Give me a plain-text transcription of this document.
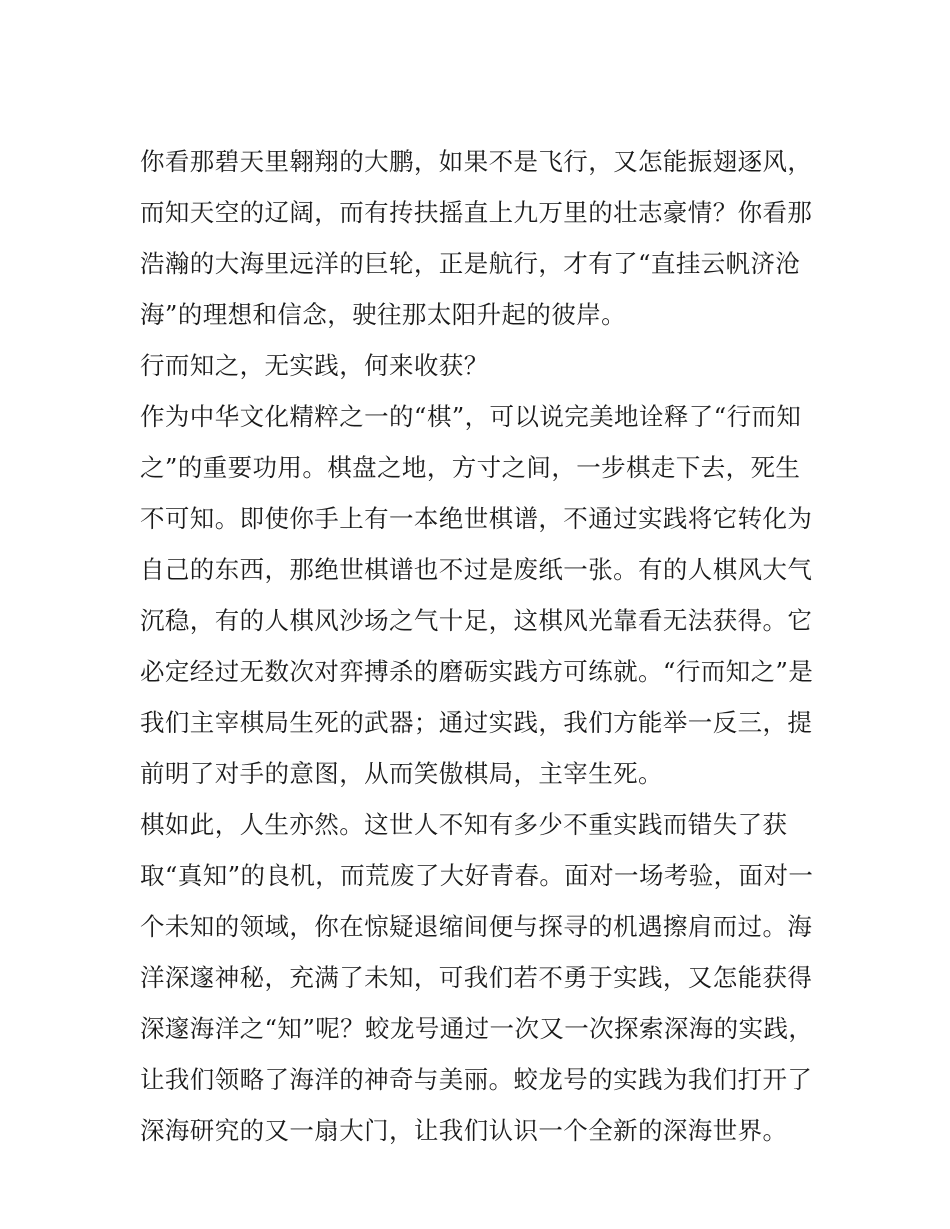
你看那碧天里翱翔的大鹏，如果不是飞行，又怎能振翅逐风，
而知天空的辽阔，而有抟扶摇直上九万里的壮志豪情？你看那
浩瀚的大海里远洋的巨轮，正是航行，才有了“直挂云帆济沧
海”的理想和信念，驶往那太阳升起的彼岸。
行而知之，无实践，何来收获？
作为中华文化精粹之一的“棋”，可以说完美地诠释了“行而知
之”的重要功用。棋盘之地，方寸之间，一步棋走下去，死生
不可知。即使你手上有一本绝世棋谱，不通过实践将它转化为
自己的东西，那绝世棋谱也不过是废纸一张。有的人棋风大气
沉稳，有的人棋风沙场之气十足，这棋风光靠看无法获得。它
必定经过无数次对弈搏杀的磨砺实践方可练就。“行而知之”是
我们主宰棋局生死的武器；通过实践，我们方能举一反三，提
前明了对手的意图，从而笑傲棋局，主宰生死。
棋如此，人生亦然。这世人不知有多少不重实践而错失了获
取“真知”的良机，而荒废了大好青春。面对一场考验，面对一
个未知的领域，你在惊疑退缩间便与探寻的机遇擦肩而过。海
洋深邃神秘，充满了未知，可我们若不勇于实践，又怎能获得
深邃海洋之“知”呢？蛟龙号通过一次又一次探索深海的实践，
让我们领略了海洋的神奇与美丽。蛟龙号的实践为我们打开了
深海研究的又一扇大门，让我们认识一个全新的深海世界。
